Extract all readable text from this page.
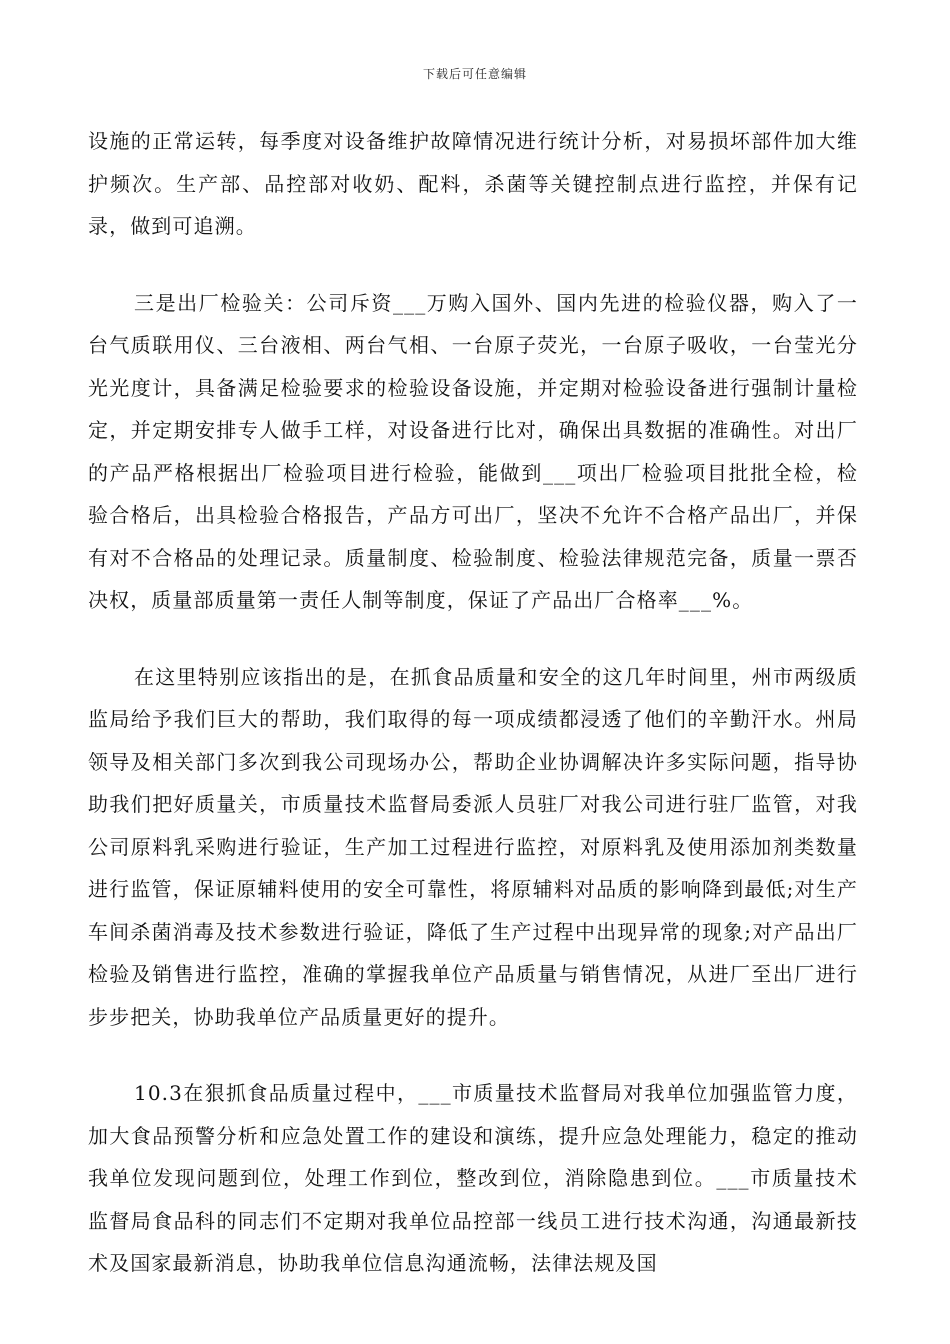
下载后可任意编辑

设施的正常运转，每季度对设备维护故障情况进行统计分析，对易损坏部件加大维护频次。生产部、品控部对收奶、配料，杀菌等关键控制点进行监控，并保有记录，做到可追溯。

三是出厂检验关：公司斥资___万购入国外、国内先进的检验仪器，购入了一台气质联用仪、三台液相、两台气相、一台原子荧光，一台原子吸收，一台莹光分光光度计，具备满足检验要求的检验设备设施，并定期对检验设备进行强制计量检定，并定期安排专人做手工样，对设备进行比对，确保出具数据的准确性。对出厂的产品严格根据出厂检验项目进行检验，能做到___项出厂检验项目批批全检，检验合格后，出具检验合格报告，产品方可出厂，坚决不允许不合格产品出厂，并保有对不合格品的处理记录。质量制度、检验制度、检验法律规范完备，质量一票否决权，质量部质量第一责任人制等制度，保证了产品出厂合格率___%。

在这里特别应该指出的是，在抓食品质量和安全的这几年时间里，州市两级质监局给予我们巨大的帮助，我们取得的每一项成绩都浸透了他们的辛勤汗水。州局领导及相关部门多次到我公司现场办公，帮助企业协调解决许多实际问题，指导协助我们把好质量关，市质量技术监督局委派人员驻厂对我公司进行驻厂监管，对我公司原料乳采购进行验证，生产加工过程进行监控，对原料乳及使用添加剂类数量进行监管，保证原辅料使用的安全可靠性，将原辅料对品质的影响降到最低;对生产车间杀菌消毒及技术参数进行验证，降低了生产过程中出现异常的现象;对产品出厂检验及销售进行监控，准确的掌握我单位产品质量与销售情况，从进厂至出厂进行步步把关，协助我单位产品质量更好的提升。

10.3在狠抓食品质量过程中，___市质量技术监督局对我单位加强监管力度，加大食品预警分析和应急处置工作的建设和演练，提升应急处理能力，稳定的推动我单位发现问题到位，处理工作到位，整改到位，消除隐患到位。___市质量技术监督局食品科的同志们不定期对我单位品控部一线员工进行技术沟通，沟通最新技术及国家最新消息，协助我单位信息沟通流畅，法律法规及国
